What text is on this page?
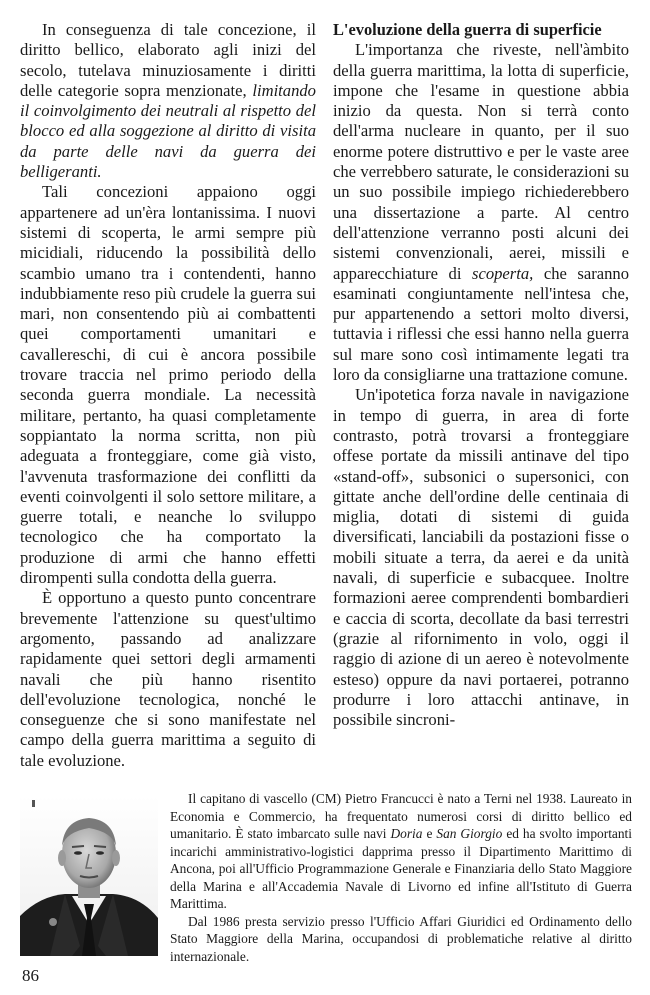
In conseguenza di tale concezione, il diritto bellico, elaborato agli inizi del secolo, tutelava minuziosamente i diritti delle categorie sopra menzionate, limitando il coinvolgimento dei neutrali al rispetto del blocco ed alla soggezione al diritto di visita da parte delle navi da guerra dei belligeranti.

Tali concezioni appaiono oggi appartenere ad un'èra lontanissima. I nuovi sistemi di scoperta, le armi sempre più micidiali, riducendo la possibilità dello scambio umano tra i contendenti, hanno indubbiamente reso più crudele la guerra sui mari, non consentendo più ai combattenti quei comportamenti umanitari e cavallereschi, di cui è ancora possibile trovare traccia nel primo periodo della seconda guerra mondiale. La necessità militare, pertanto, ha quasi completamente soppiantato la norma scritta, non più adeguata a fronteggiare, come già visto, l'avvenuta trasformazione dei conflitti da eventi coinvolgenti il solo settore militare, a guerre totali, e neanche lo sviluppo tecnologico che ha comportato la produzione di armi che hanno effetti dirompenti sulla condotta della guerra.

È opportuno a questo punto concentrare brevemente l'attenzione su quest'ultimo argomento, passando ad analizzare rapidamente quei settori degli armamenti navali che più hanno risentito dell'evoluzione tecnologica, nonché le conseguenze che si sono manifestate nel campo della guerra marittima a seguito di tale evoluzione.

L'evoluzione della guerra di superficie

L'importanza che riveste, nell'àmbito della guerra marittima, la lotta di superficie, impone che l'esame in questione abbia inizio da questa. Non si terrà conto dell'arma nucleare in quanto, per il suo enorme potere distruttivo e per le vaste aree che verrebbero saturate, le considerazioni su un suo possibile impiego richiederebbero una dissertazione a parte. Al centro dell'attenzione verranno posti alcuni dei sistemi convenzionali, aerei, missili e apparecchiature di scoperta, che saranno esaminati congiuntamente nell'intesa che, pur appartenendo a settori molto diversi, tuttavia i riflessi che essi hanno nella guerra sul mare sono così intimamente legati tra loro da consigliarne una trattazione comune.

Un'ipotetica forza navale in navigazione in tempo di guerra, in area di forte contrasto, potrà trovarsi a fronteggiare offese portate da missili antinave del tipo «stand-off», subsonici o supersonici, con gittate anche dell'ordine delle centinaia di miglia, dotati di sistemi di guida diversificati, lanciabili da postazioni fisse o mobili situate a terra, da aerei e da unità navali, di superficie e subacquee. Inoltre formazioni aeree comprendenti bombardieri e caccia di scorta, decollate da basi terrestri (grazie al rifornimento in volo, oggi il raggio di azione di un aereo è notevolmente esteso) oppure da navi portaerei, potranno produrre i loro attacchi antinave, in possibile sincroni-

Il capitano di vascello (CM) Pietro Francucci è nato a Terni nel 1938. Laureato in Economia e Commercio, ha frequentato numerosi corsi di diritto bellico ed umanitario. È stato imbarcato sulle navi Doria e San Giorgio ed ha svolto importanti incarichi amministrativo-logistici dapprima presso il Dipartimento Marittimo di Ancona, poi all'Ufficio Programmazione Generale e Finanziaria dello Stato Maggiore della Marina e all'Accademia Navale di Livorno ed infine all'Istituto di Guerra Marittima.

Dal 1986 presta servizio presso l'Ufficio Affari Giuridici ed Ordinamento dello Stato Maggiore della Marina, occupandosi di problematiche relative al diritto internazionale.

86
